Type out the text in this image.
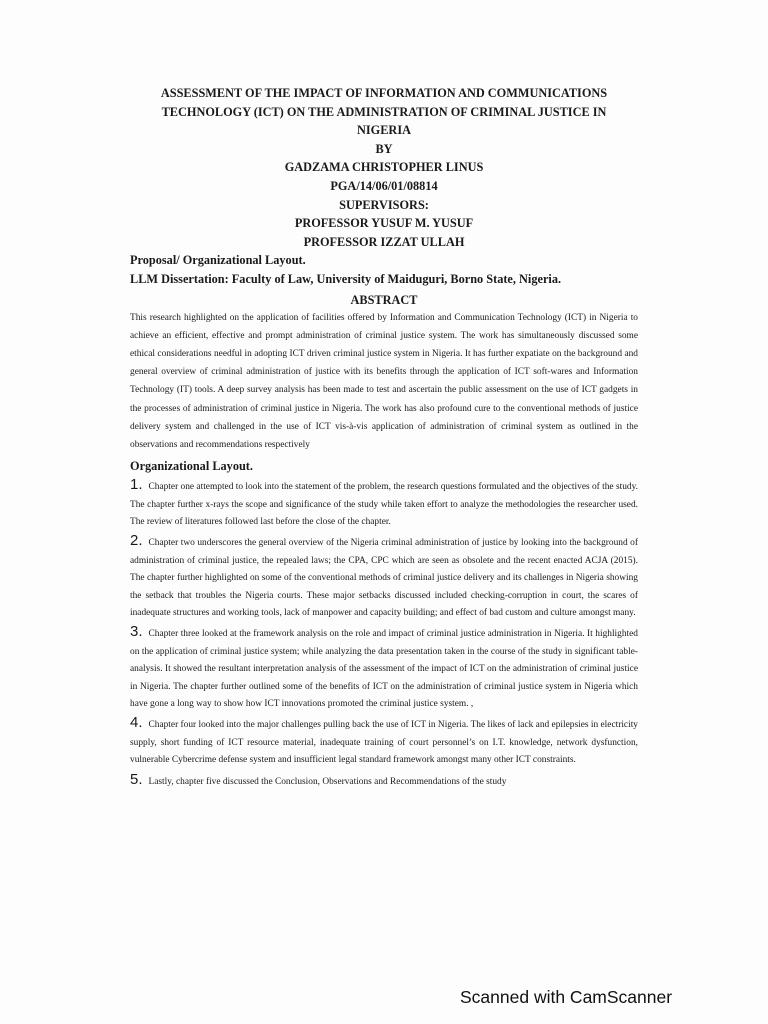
ASSESSMENT OF THE IMPACT OF INFORMATION AND COMMUNICATIONS
TECHNOLOGY (ICT) ON THE ADMINISTRATION OF CRIMINAL JUSTICE IN
NIGERIA
BY
GADZAMA CHRISTOPHER LINUS
PGA/14/06/01/08814
SUPERVISORS:
PROFESSOR YUSUF M. YUSUF
PROFESSOR IZZAT ULLAH
Proposal/ Organizational Layout.
LLM Dissertation: Faculty of Law, University of Maiduguri, Borno State, Nigeria.
ABSTRACT

This research highlighted on the application of facilities offered by Information and Communication Technology (ICT) in Nigeria to achieve an efficient, effective and prompt administration of criminal justice system. The work has simultaneously discussed some ethical considerations needful in adopting ICT driven criminal justice system in Nigeria. It has further expatiate on the background and general overview of criminal administration of justice with its benefits through the application of ICT soft-wares and Information Technology (IT) tools. A deep survey analysis has been made to test and ascertain the public assessment on the use of ICT gadgets in the processes of administration of criminal justice in Nigeria. The work has also profound cure to the conventional methods of justice delivery system and challenged in the use of ICT vis-à-vis application of administration of criminal system as outlined in the observations and recommendations respectively

Organizational Layout.

1. Chapter one attempted to look into the statement of the problem, the research questions formulated and the objectives of the study. The chapter further x-rays the scope and significance of the study while taken effort to analyze the methodologies the researcher used. The review of literatures followed last before the close of the chapter.

2. Chapter two underscores the general overview of the Nigeria criminal administration of justice by looking into the background of administration of criminal justice, the repealed laws; the CPA, CPC which are seen as obsolete and the recent enacted ACJA (2015). The chapter further highlighted on some of the conventional methods of criminal justice delivery and its challenges in Nigeria showing the setback that troubles the Nigeria courts. These major setbacks discussed included checking-corruption in court, the scares of inadequate structures and working tools, lack of manpower and capacity building; and effect of bad custom and culture amongst many.

3. Chapter three looked at the framework analysis on the role and impact of criminal justice administration in Nigeria. It highlighted on the application of criminal justice system; while analyzing the data presentation taken in the course of the study in significant table-analysis. It showed the resultant interpretation analysis of the assessment of the impact of ICT on the administration of criminal justice in Nigeria. The chapter further outlined some of the benefits of ICT on the administration of criminal justice system in Nigeria which have gone a long way to show how ICT innovations promoted the criminal justice system. ,

4. Chapter four looked into the major challenges pulling back the use of ICT in Nigeria. The likes of lack and epilepsies in electricity supply, short funding of ICT resource material, inadequate training of court personnel’s on I.T. knowledge, network dysfunction, vulnerable Cybercrime defense system and insufficient legal standard framework amongst many other ICT constraints.

5. Lastly, chapter five discussed the Conclusion, Observations and Recommendations of the study

Scanned with CamScanner
